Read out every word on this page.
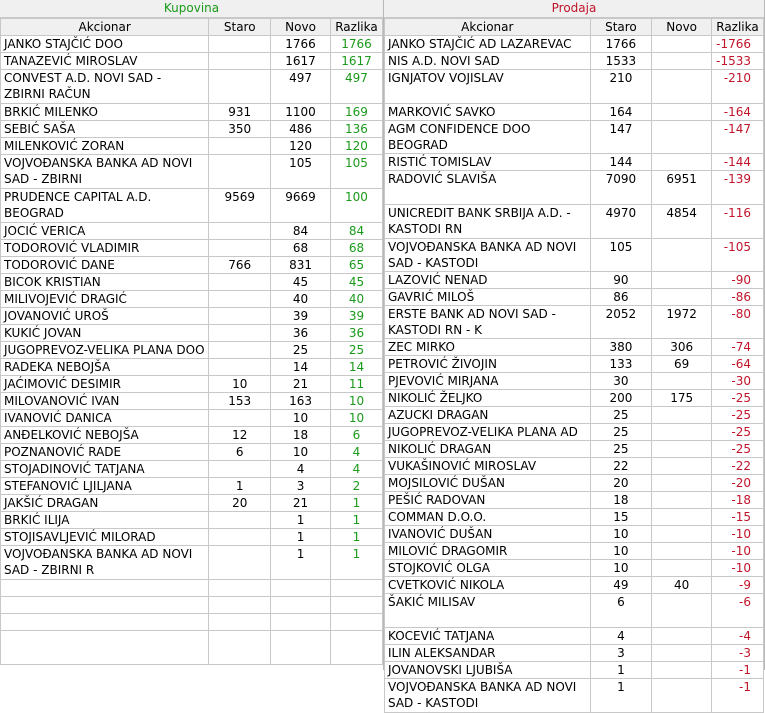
Kupovina
Akcionar	Staro	Novo	Razlika
JANKO STAJČIĆ DOO		1766	1766
TANAZEVIĆ MIROSLAV		1617	1617
CONVEST A.D. NOVI SAD - ZBIRNI RAČUN		497	497
BRKIĆ MILENKO	931	1100	169
SEBIĆ SAŠA	350	486	136
MILENKOVIĆ ZORAN		120	120
VOJVOĐANSKA BANKA AD NOVI SAD - ZBIRNI		105	105
PRUDENCE CAPITAL A.D. BEOGRAD	9569	9669	100
JOCIĆ VERICA		84	84
TODOROVIĆ VLADIMIR		68	68
TODOROVIĆ DANE	766	831	65
BICOK KRISTIAN		45	45
MILIVOJEVIĆ DRAGIĆ		40	40
JOVANOVIĆ UROŠ		39	39
KUKIĆ JOVAN		36	36
JUGOPREVOZ-VELIKA PLANA DOO		25	25
RADEKA NEBOJŠA		14	14
JAĆIMOVIĆ DESIMIR	10	21	11
MILOVANOVIĆ IVAN	153	163	10
IVANOVIĆ DANICA		10	10
ANĐELKOVIĆ NEBOJŠA	12	18	6
POZNANOVIĆ RADE	6	10	4
STOJADINOVIĆ TATJANA		4	4
STEFANOVIĆ LJILJANA	1	3	2
JAKŠIĆ DRAGAN	20	21	1
BRKIĆ ILIJA		1	1
STOJISAVLJEVIĆ MILORAD		1	1
VOJVOĐANSKA BANKA AD NOVI SAD - ZBIRNI R		1	1

Prodaja
Akcionar	Staro	Novo	Razlika
JANKO STAJČIĆ AD LAZAREVAC	1766		-1766
NIS A.D. NOVI SAD	1533		-1533
IGNJATOV VOJISLAV	210		-210
MARKOVIĆ SAVKO	164		-164
AGM CONFIDENCE DOO BEOGRAD	147		-147
RISTIĆ TOMISLAV	144		-144
RADOVIĆ SLAVIŠA	7090	6951	-139
UNICREDIT BANK SRBIJA A.D. - KASTODI RN	4970	4854	-116
VOJVOĐANSKA BANKA AD NOVI SAD - KASTODI	105		-105
LAZOVIĆ NENAD	90		-90
GAVRIĆ MILOŠ	86		-86
ERSTE BANK AD NOVI SAD - KASTODI RN - K	2052	1972	-80
ZEC MIRKO	380	306	-74
PETROVIĆ ŽIVOJIN	133	69	-64
PJEVOVIĆ MIRJANA	30		-30
NIKOLIĆ ŽELJKO	200	175	-25
AZUCKI DRAGAN	25		-25
JUGOPREVOZ-VELIKA PLANA AD	25		-25
NIKOLIĆ DRAGAN	25		-25
VUKAŠINOVIĆ MIROSLAV	22		-22
MOJSILOVIĆ DUŠAN	20		-20
PEŠIĆ RADOVAN	18		-18
COMMAN D.O.O.	15		-15
IVANOVIĆ DUŠAN	10		-10
MILOVIĆ DRAGOMIR	10		-10
STOJKOVIĆ OLGA	10		-10
CVETKOVIĆ NIKOLA	49	40	-9
ŠAKIĆ MILISAV	6		-6
KOCEVIĆ TATJANA	4		-4
ILIN ALEKSANDAR	3		-3
JOVANOVSKI LJUBIŠA	1		-1
VOJVOĐANSKA BANKA AD NOVI SAD - KASTODI	1		-1
